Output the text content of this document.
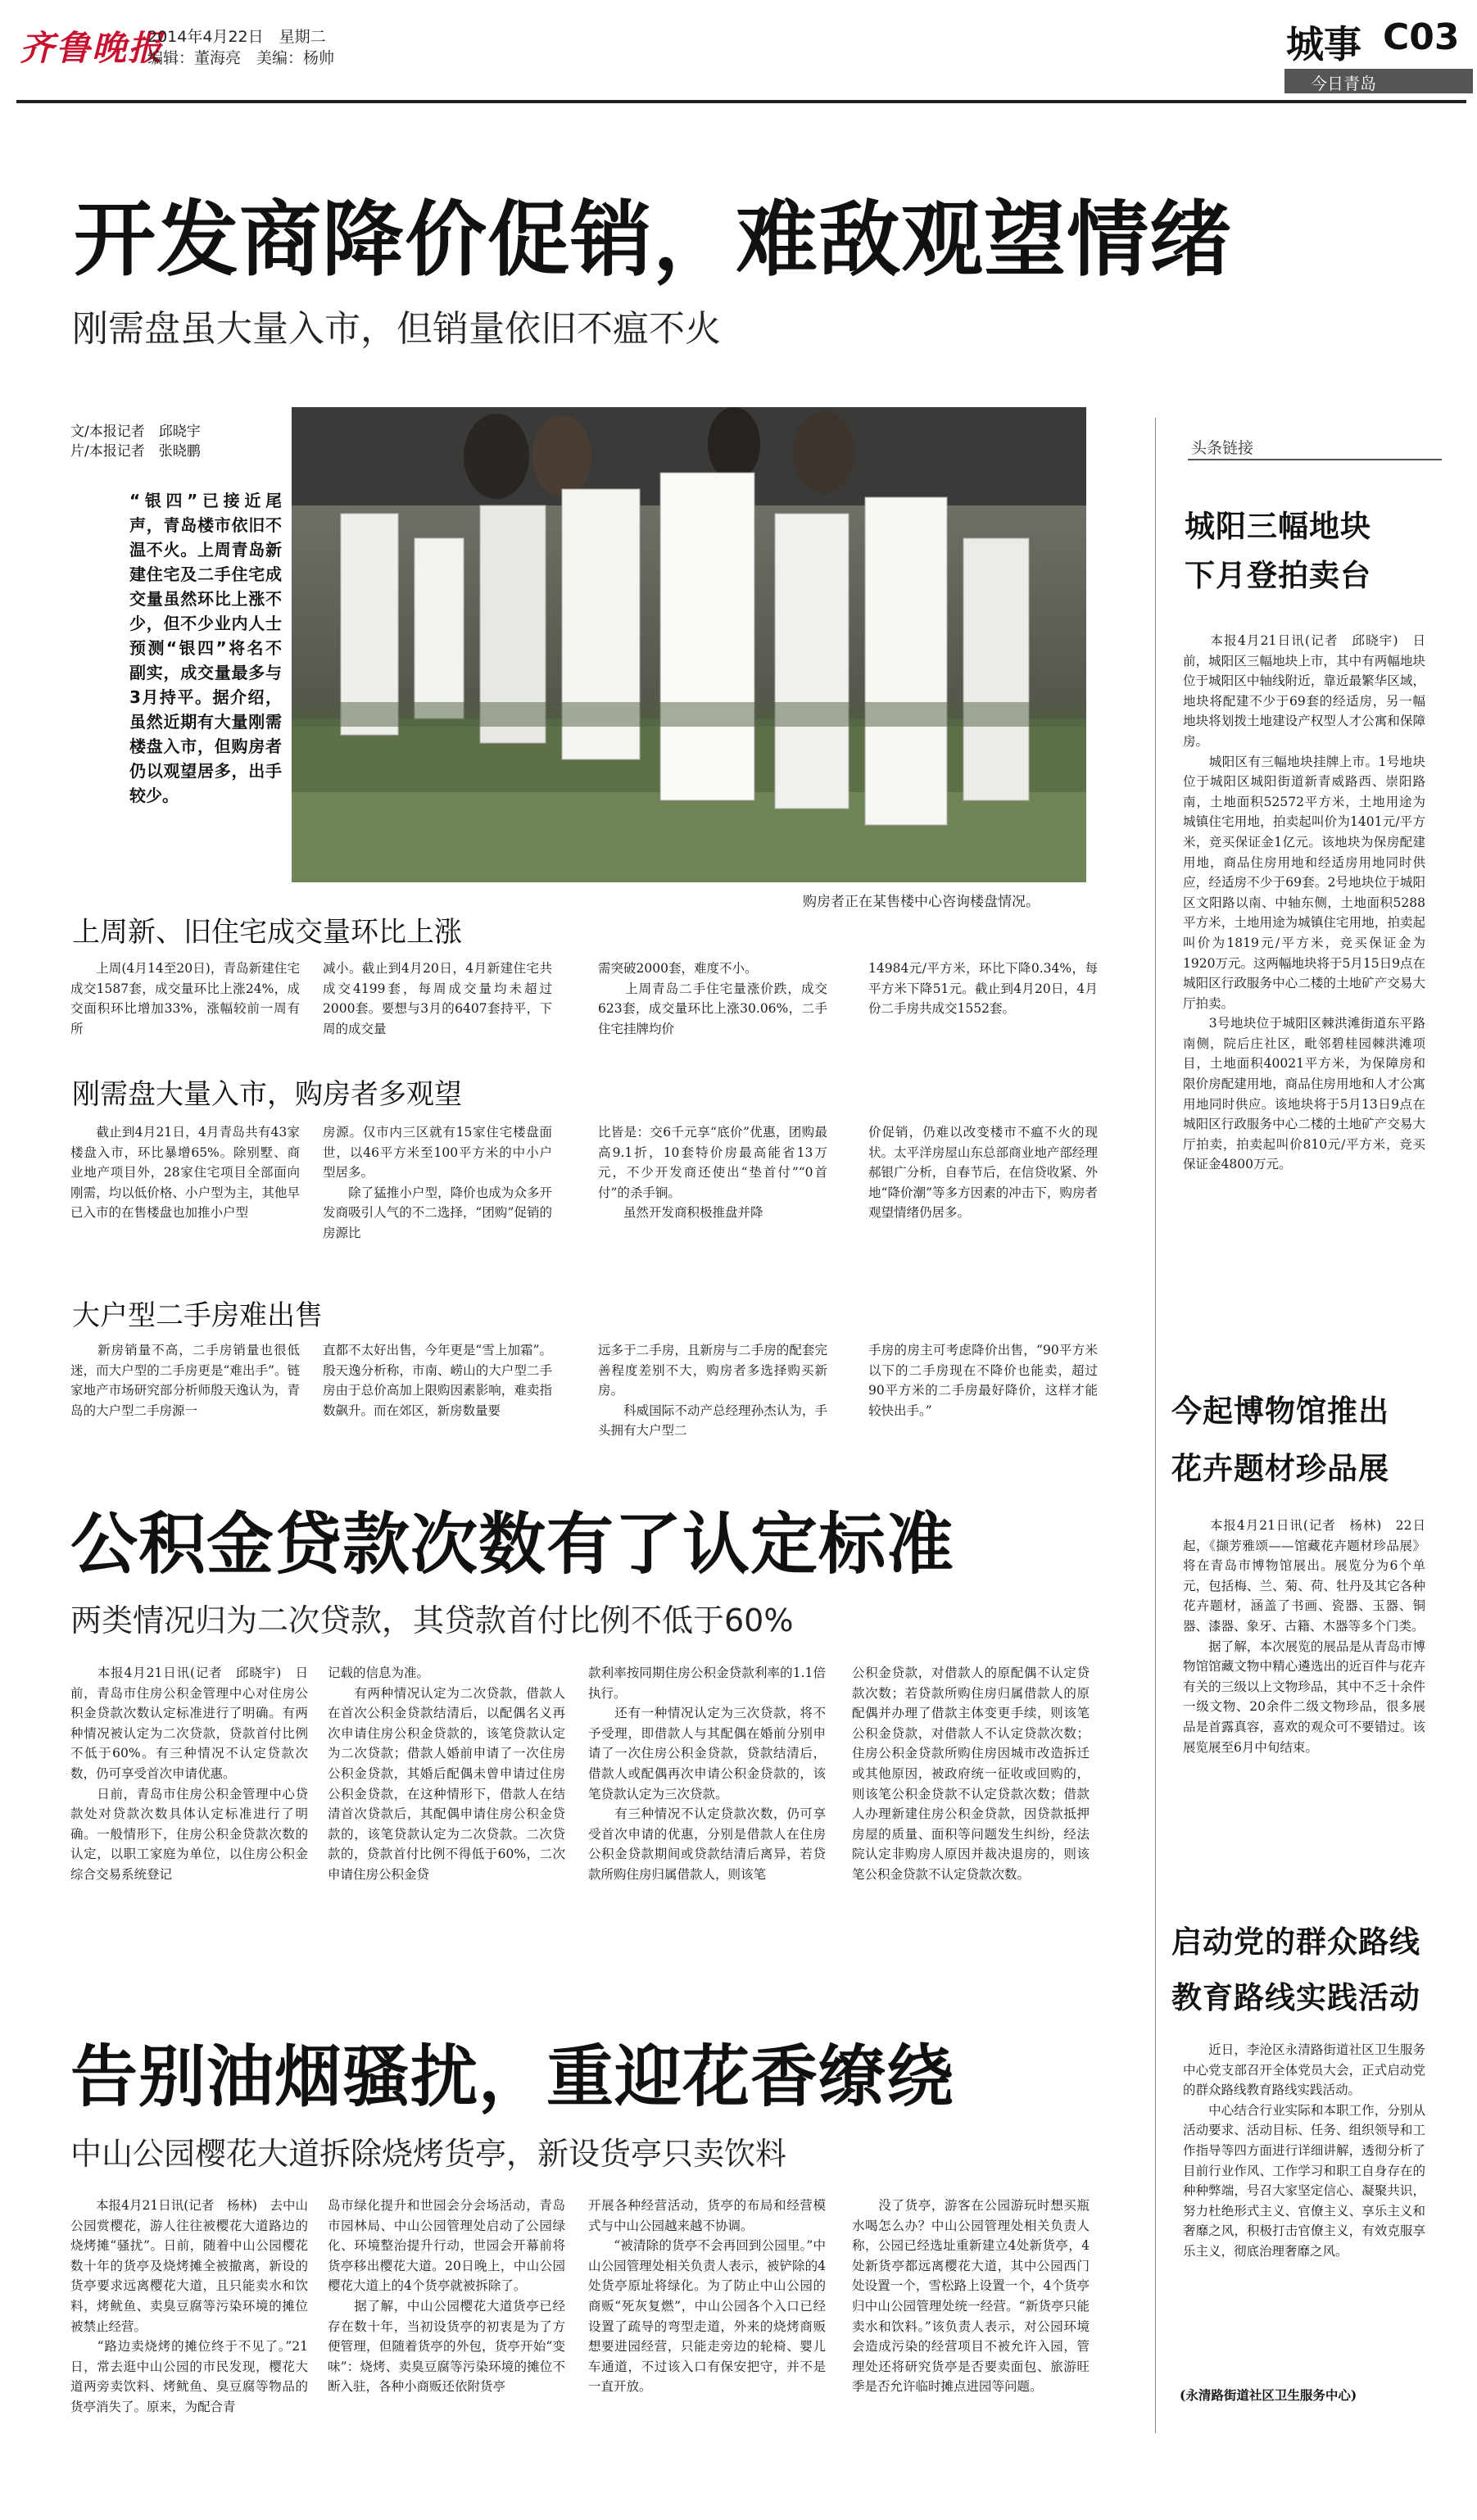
齐鲁晚报
2014年4月22日　星期二
编辑：董海亮　美编：杨帅	城事 C03
今日青岛
开发商降价促销，难敌观望情绪
刚需盘虽大量入市，但销量依旧不瘟不火
文/本报记者　邱晓宇
片/本报记者　张晓鹏
“银四”已接近尾声，青岛楼市依旧不温不火。上周青岛新建住宅及二手住宅成交量虽然环比上涨不少，但不少业内人士预测“银四”将名不副实，成交量最多与3月持平。据介绍，虽然近期有大量刚需楼盘入市，但购房者仍以观望居多，出手较少。
购房者正在某售楼中心咨询楼盘情况。
上周新、旧住宅成交量环比上涨
　　上周(4月14至20日)，青岛新建住宅成交1587套，成交量环比上涨24%，成交面积环比增加33%，涨幅较前一周有所
减小。截止到4月20日，4月新建住宅共成交4199套，每周成交量均未超过2000套。要想与3月的6407套持平，下周的成交量
需突破2000套，难度不小。
　　上周青岛二手住宅量涨价跌，成交623套，成交量环比上涨30.06%，二手住宅挂牌均价
14984元/平方米，环比下降0.34%，每平方米下降51元。截止到4月20日，4月份二手房共成交1552套。
刚需盘大量入市，购房者多观望
　　截止到4月21日，4月青岛共有43家楼盘入市，环比暴增65%。除别墅、商业地产项目外，28家住宅项目全部面向刚需，均以低价格、小户型为主，其他早已入市的在售楼盘也加推小户型
房源。仅市内三区就有15家住宅楼盘面世，以46平方米至100平方米的中小户型居多。
　　除了猛推小户型，降价也成为众多开发商吸引人气的不二选择，“团购”促销的房源比
比皆是：交6千元享“底价”优惠，团购最高9.1折，10套特价房最高能省13万元，不少开发商还使出“垫首付”“0首付”的杀手锏。
　　虽然开发商积极推盘并降
价促销，仍难以改变楼市不瘟不火的现状。太平洋房屋山东总部商业地产部经理郝银广分析，自春节后，在信贷收紧、外地“降价潮”等多方因素的冲击下，购房者观望情绪仍居多。
大户型二手房难出售
　　新房销量不高，二手房销量也很低迷，而大户型的二手房更是“难出手”。链家地产市场研究部分析师殷天逸认为，青岛的大户型二手房源一
直都不太好出售，今年更是“雪上加霜”。殷天逸分析称，市南、崂山的大户型二手房由于总价高加上限购因素影响，难卖指数飙升。而在郊区，新房数量要
远多于二手房，且新房与二手房的配套完善程度差别不大，购房者多选择购买新房。
　　科威国际不动产总经理孙杰认为，手头拥有大户型二
手房的房主可考虑降价出售，“90平方米以下的二手房现在不降价也能卖，超过90平方米的二手房最好降价，这样才能较快出手。”
公积金贷款次数有了认定标准
两类情况归为二次贷款，其贷款首付比例不低于60%
　　本报4月21日讯(记者　邱晓宇)　日前，青岛市住房公积金管理中心对住房公积金贷款次数认定标准进行了明确。有两种情况被认定为二次贷款，贷款首付比例不低于60%。有三种情况不认定贷款次数，仍可享受首次申请优惠。
　　日前，青岛市住房公积金管理中心贷款处对贷款次数具体认定标准进行了明确。一般情形下，住房公积金贷款次数的认定，以职工家庭为单位，以住房公积金综合交易系统登记
记载的信息为准。
　　有两种情况认定为二次贷款，借款人在首次公积金贷款结清后，以配偶名义再次申请住房公积金贷款的，该笔贷款认定为二次贷款；借款人婚前申请了一次住房公积金贷款，其婚后配偶未曾申请过住房公积金贷款，在这种情形下，借款人在结清首次贷款后，其配偶申请住房公积金贷款的，该笔贷款认定为二次贷款。二次贷款的，贷款首付比例不得低于60%，二次申请住房公积金贷
款利率按同期住房公积金贷款利率的1.1倍执行。
　　还有一种情况认定为三次贷款，将不予受理，即借款人与其配偶在婚前分别申请了一次住房公积金贷款，贷款结清后，借款人或配偶再次申请公积金贷款的，该笔贷款认定为三次贷款。
　　有三种情况不认定贷款次数，仍可享受首次申请的优惠，分别是借款人在住房公积金贷款期间或贷款结清后离异，若贷款所购住房归属借款人，则该笔
公积金贷款，对借款人的原配偶不认定贷款次数；若贷款所购住房归属借款人的原配偶并办理了借款主体变更手续，则该笔公积金贷款，对借款人不认定贷款次数；住房公积金贷款所购住房因城市改造拆迁或其他原因，被政府统一征收或回购的，则该笔公积金贷款不认定贷款次数；借款人办理新建住房公积金贷款，因贷款抵押房屋的质量、面积等问题发生纠纷，经法院认定非购房人原因并裁决退房的，则该笔公积金贷款不认定贷款次数。
告别油烟骚扰，重迎花香缭绕
中山公园樱花大道拆除烧烤货亭，新设货亭只卖饮料
　　本报4月21日讯(记者　杨林)　去中山公园赏樱花，游人往往被樱花大道路边的烧烤摊“骚扰”。日前，随着中山公园樱花数十年的货亭及烧烤摊全被撤离，新设的货亭要求远离樱花大道，且只能卖水和饮料，烤鱿鱼、卖臭豆腐等污染环境的摊位被禁止经营。
　　“路边卖烧烤的摊位终于不见了。”21日，常去逛中山公园的市民发现，樱花大道两旁卖饮料、烤鱿鱼、臭豆腐等物品的货亭消失了。原来，为配合青
岛市绿化提升和世园会分会场活动，青岛市园林局、中山公园管理处启动了公园绿化、环境整治提升行动，世园会开幕前将货亭移出樱花大道。20日晚上，中山公园樱花大道上的4个货亭就被拆除了。
　　据了解，中山公园樱花大道货亭已经存在数十年，当初设货亭的初衷是为了方便管理，但随着货亭的外包，货亭开始“变味”：烧烤、卖臭豆腐等污染环境的摊位不断入驻，各种小商贩还依附货亭
开展各种经营活动，货亭的布局和经营模式与中山公园越来越不协调。
　　“被清除的货亭不会再回到公园里。”中山公园管理处相关负责人表示，被铲除的4处货亭原址将绿化。为了防止中山公园的商贩“死灰复燃”，中山公园各个入口已经设置了疏导的弯型走道，外来的烧烤商贩想要进园经营，只能走旁边的轮椅、婴儿车通道，不过该入口有保安把守，并不是一直开放。
　　没了货亭，游客在公园游玩时想买瓶水喝怎么办？中山公园管理处相关负责人称，公园已经选址重新建立4处新货亭，4处新货亭都远离樱花大道，其中公园西门处设置一个，雪松路上设置一个，4个货亭归中山公园管理处统一经营。“新货亭只能卖水和饮料。”该负责人表示，对公园环境会造成污染的经营项目不被允许入园，管理处还将研究货亭是否要卖面包、旅游旺季是否允许临时摊点进园等问题。
头条链接
城阳三幅地块
下月登拍卖台
　　本报4月21日讯(记者　邱晓宇)　日前，城阳区三幅地块上市，其中有两幅地块位于城阳区中轴线附近，靠近最繁华区域，地块将配建不少于69套的经适房，另一幅地块将划拨土地建设产权型人才公寓和保障房。
　　城阳区有三幅地块挂牌上市。1号地块位于城阳区城阳街道新青威路西、崇阳路南，土地面积52572平方米，土地用途为城镇住宅用地，拍卖起叫价为1401元/平方米，竞买保证金1亿元。该地块为保房配建用地，商品住房用地和经适房用地同时供应，经适房不少于69套。2号地块位于城阳区文阳路以南、中轴东侧，土地面积5288平方米，土地用途为城镇住宅用地，拍卖起叫价为1819元/平方米，竞买保证金为1920万元。这两幅地块将于5月15日9点在城阳区行政服务中心二楼的土地矿产交易大厅拍卖。
　　3号地块位于城阳区棘洪滩街道东平路南侧，院后庄社区，毗邻碧桂园棘洪滩项目，土地面积40021平方米，为保障房和限价房配建用地，商品住房用地和人才公寓用地同时供应。该地块将于5月13日9点在城阳区行政服务中心二楼的土地矿产交易大厅拍卖，拍卖起叫价810元/平方米，竞买保证金4800万元。
今起博物馆推出
花卉题材珍品展
　　本报4月21日讯(记者　杨林)　22日起，《撷芳雅颂——馆藏花卉题材珍品展》将在青岛市博物馆展出。展览分为6个单元，包括梅、兰、菊、荷、牡丹及其它各种花卉题材，涵盖了书画、瓷器、玉器、铜器、漆器、象牙、古籍、木器等多个门类。
　　据了解，本次展览的展品是从青岛市博物馆馆藏文物中精心遴选出的近百件与花卉有关的三级以上文物珍品，其中不乏十余件一级文物、20余件二级文物珍品，很多展品是首露真容，喜欢的观众可不要错过。该展览展至6月中旬结束。
启动党的群众路线
教育路线实践活动
　　近日，李沧区永清路街道社区卫生服务中心党支部召开全体党员大会，正式启动党的群众路线教育路线实践活动。
　　中心结合行业实际和本职工作，分别从活动要求、活动目标、任务、组织领导和工作指导等四方面进行详细讲解，透彻分析了目前行业作风、工作学习和职工自身存在的种种弊端，号召大家坚定信心、凝聚共识，努力杜绝形式主义、官僚主义、享乐主义和奢靡之风，积极打击官僚主义，有效克服享乐主义，彻底治理奢靡之风。
(永清路街道社区卫生服务中心)
